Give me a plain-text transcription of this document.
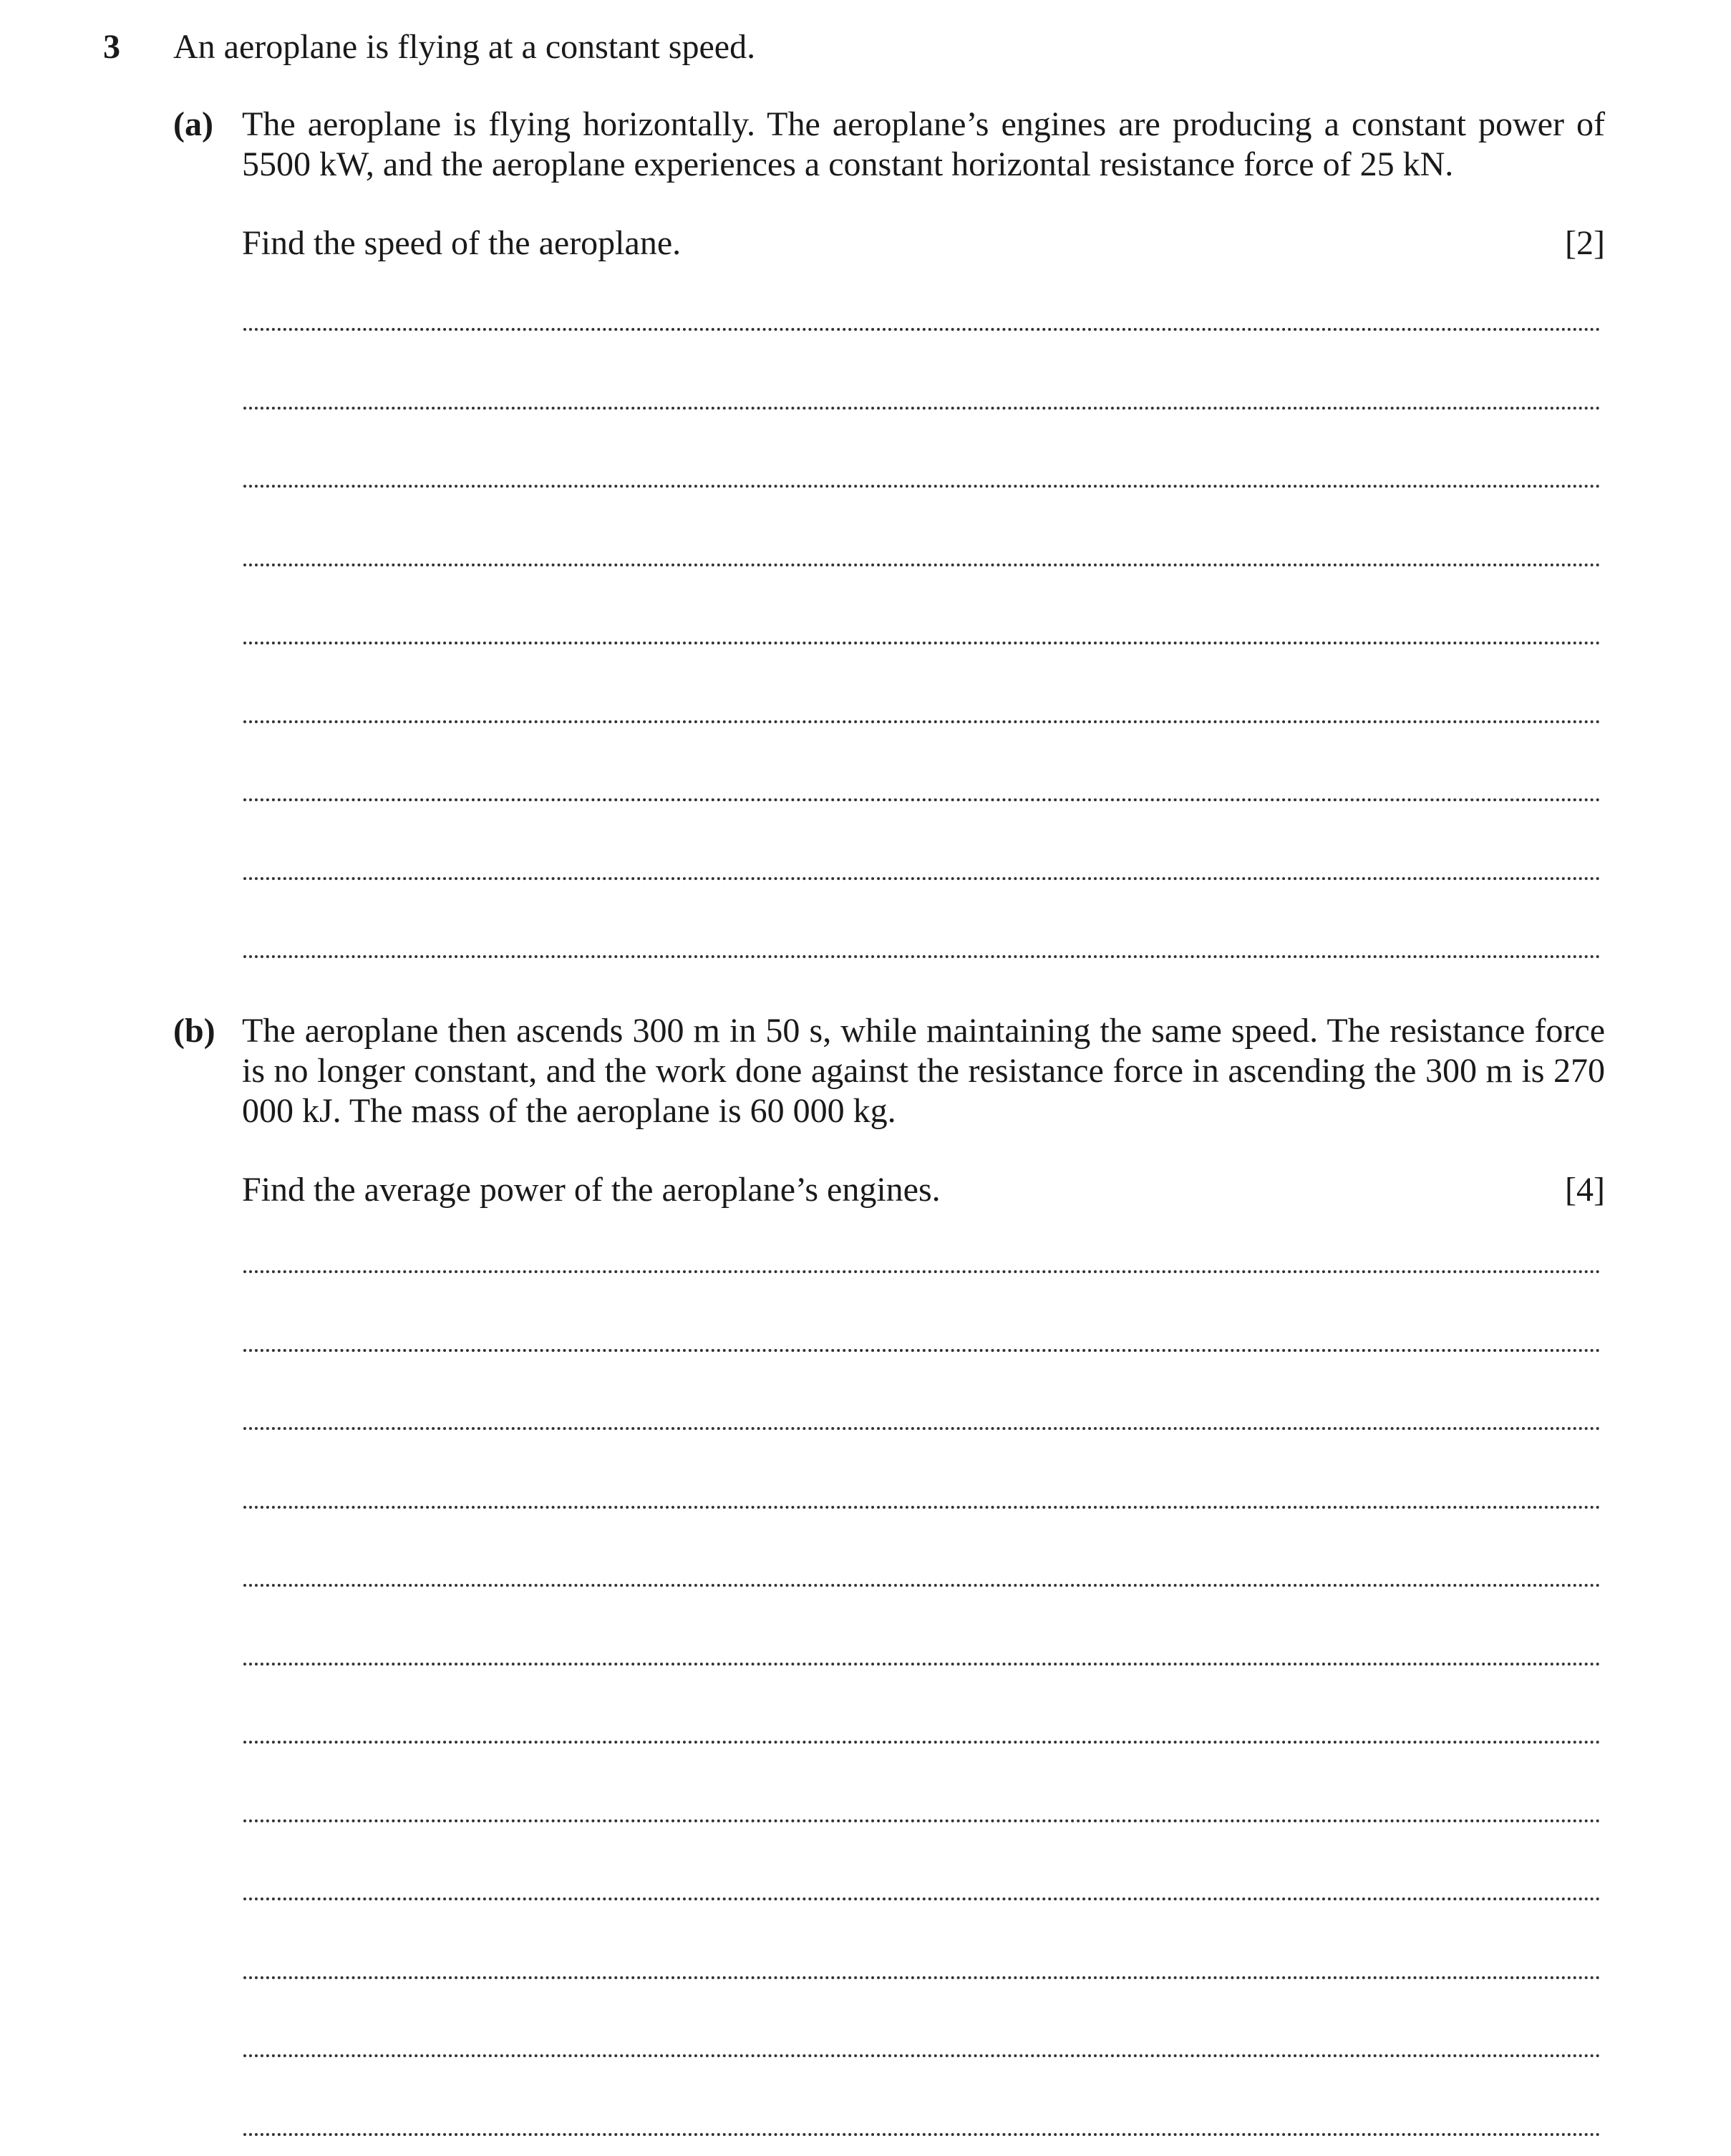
3 An aeroplane is flying at a constant speed.
(a) The aeroplane is flying horizontally. The aeroplane’s engines are producing a constant power of 5500 kW, and the aeroplane experiences a constant horizontal resistance force of 25 kN.
Find the speed of the aeroplane.	[2]
(b) The aeroplane then ascends 300 m in 50 s, while maintaining the same speed. The resistance force is no longer constant, and the work done against the resistance force in ascending the 300 m is 270 000 kJ. The mass of the aeroplane is 60 000 kg.
Find the average power of the aeroplane’s engines.	[4]
